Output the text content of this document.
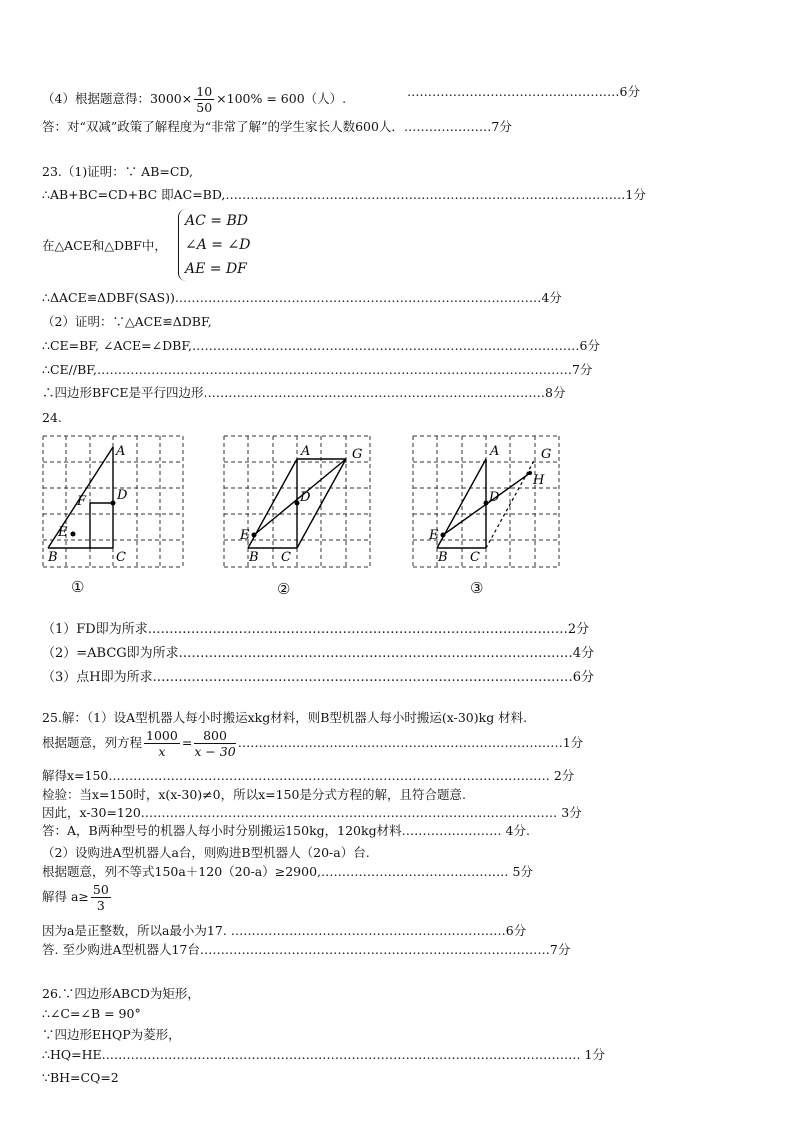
（4）根据题意得：$3000\times \frac{10}{50} \times 100\% = 600$（人）.	……………………………………………6分
答：对“双减”政策了解程度为“非常了解”的学生家长人数600人．…………………7分
23.（1)证明：∵ AB=CD,
∴AB+BC=CD+BC 即AC=BD,……………………………………………………………………………………1分
在△ACE和△DBF中，
AC = BD
∠A = ∠D
AE = DF
∴ΔACE≌ΔDBF(SAS)).……………………………………………………………………………4分
（2）证明：∵△ACE≌ΔDBF,
∴CE=BF, ∠ACE=∠DBF,…………………………………………………………………………………6分
∴CE//BF,……………………………………………………………………………………………………7分
∴四边形BFCE是平行四边形.………………………………………………………………………8分
24.
A
B	C
D
E
F
①
A
B C
D
E
G
②
A
B C
D
E
G
H
③
（1）FD即为所求.……………………………………………………………………………………2分
（2）=ABCG即为所求.………………………………………………………………………………4分
（3）点H即为所求.……………………………………………………………………………………6分
25.解：（1）设A型机器人每小时搬运xkg材料，则B型机器人每小时搬运(x-30)kg 材料.
根据题意，列方程 $\frac{1000}{x} = \frac{800}{x - 30}$ ……………………………………………………………………1分
解得x=150.…………………………………………………………………………………………… 2分
检验：当x=150时，x(x-30)≠0，所以x=150是分式方程的解，且符合题意.
因此，x-30=120.……………………………………………………………………………………… 3分
答：A，B两种型号的机器人每小时分别搬运150kg，120kg材料…………………… 4分.
（2）设购进A型机器人a台，则购进B型机器人（20-a）台.
根据题意，列不等式150a＋120（20-a）≥2900,……………………………………… 5分
解得 $a\ge \frac{50}{3}$
因为a是正整数，所以a最小为17. …………………………………………………………6分
答. 至少购进A型机器人17台…………………………………………………………………………7分
26.∵四边形ABCD为矩形，
∴∠C=∠B = 90°
∵四边形EHQP为菱形，
∴HQ=HE.…………………………………………………………………………………………………… 1分
∵BH=CQ=2
